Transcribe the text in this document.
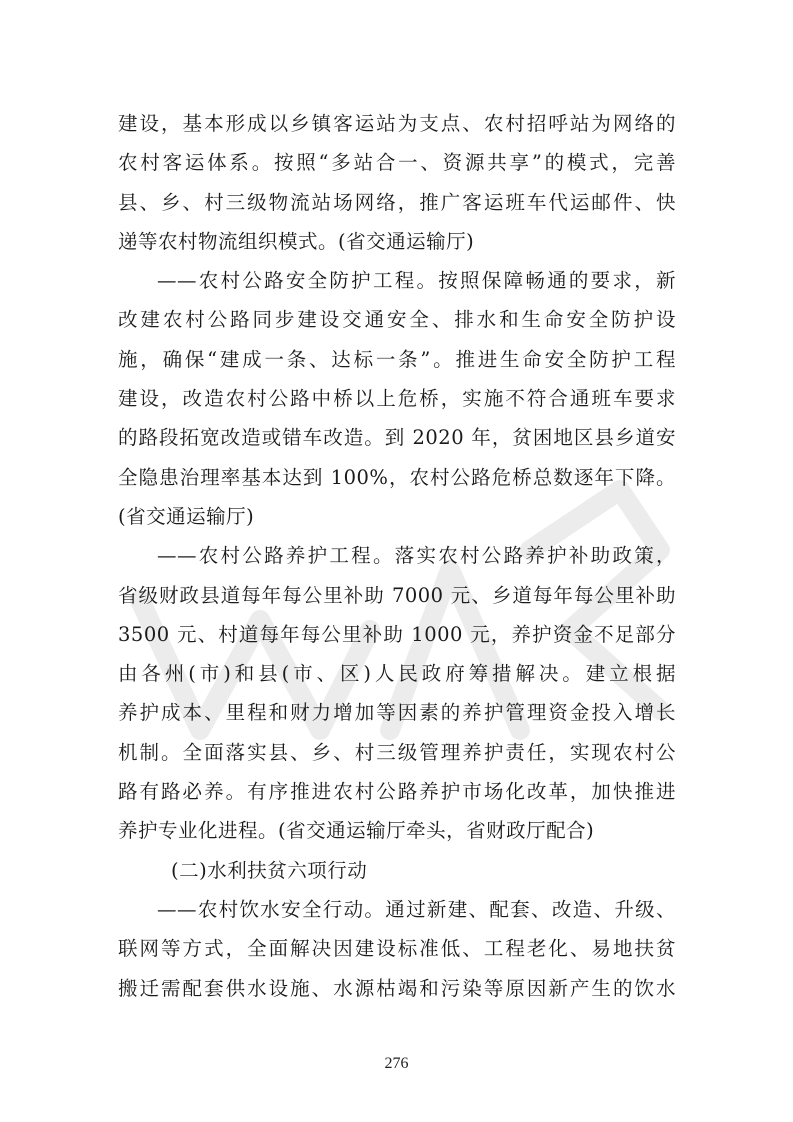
建设，基本形成以乡镇客运站为支点、农村招呼站为网络的
农村客运体系。按照“多站合一、资源共享”的模式，完善
县、乡、村三级物流站场网络，推广客运班车代运邮件、快
递等农村物流组织模式。(省交通运输厅)
——农村公路安全防护工程。按照保障畅通的要求，新
改建农村公路同步建设交通安全、排水和生命安全防护设
施，确保“建成一条、达标一条”。推进生命安全防护工程
建设，改造农村公路中桥以上危桥，实施不符合通班车要求
的路段拓宽改造或错车改造。到 2020 年，贫困地区县乡道安
全隐患治理率基本达到 100%，农村公路危桥总数逐年下降。
(省交通运输厅)
——农村公路养护工程。落实农村公路养护补助政策，
省级财政县道每年每公里补助 7000 元、乡道每年每公里补助
3500 元、村道每年每公里补助 1000 元，养护资金不足部分
由各州(市)和县(市、区)人民政府筹措解决。建立根据
养护成本、里程和财力增加等因素的养护管理资金投入增长
机制。全面落实县、乡、村三级管理养护责任，实现农村公
路有路必养。有序推进农村公路养护市场化改革，加快推进
养护专业化进程。(省交通运输厅牵头，省财政厅配合)
(二)水利扶贫六项行动
——农村饮水安全行动。通过新建、配套、改造、升级、
联网等方式，全面解决因建设标准低、工程老化、易地扶贫
搬迁需配套供水设施、水源枯竭和污染等原因新产生的饮水
276
